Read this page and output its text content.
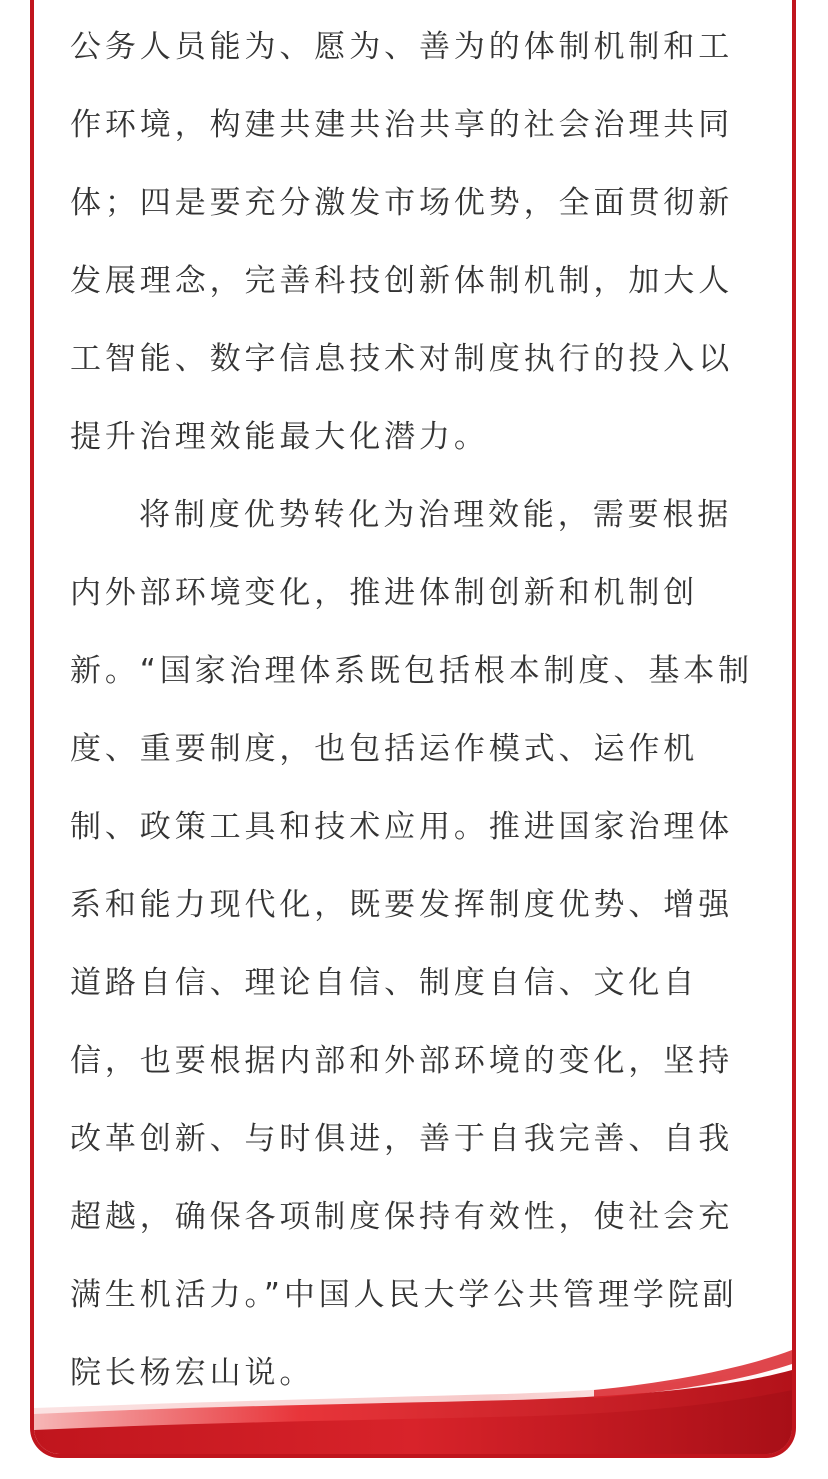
公务人员能为、愿为、善为的体制机制和工作环境，构建共建共治共享的社会治理共同体；四是要充分激发市场优势，全面贯彻新发展理念，完善科技创新体制机制，加大人工智能、数字信息技术对制度执行的投入以提升治理效能最大化潜力。

将制度优势转化为治理效能，需要根据内外部环境变化，推进体制创新和机制创新。“国家治理体系既包括根本制度、基本制度、重要制度，也包括运作模式、运作机制、政策工具和技术应用。推进国家治理体系和能力现代化，既要发挥制度优势、增强道路自信、理论自信、制度自信、文化自信，也要根据内部和外部环境的变化，坚持改革创新、与时俱进，善于自我完善、自我超越，确保各项制度保持有效性，使社会充满生机活力。”中国人民大学公共管理学院副院长杨宏山说。
